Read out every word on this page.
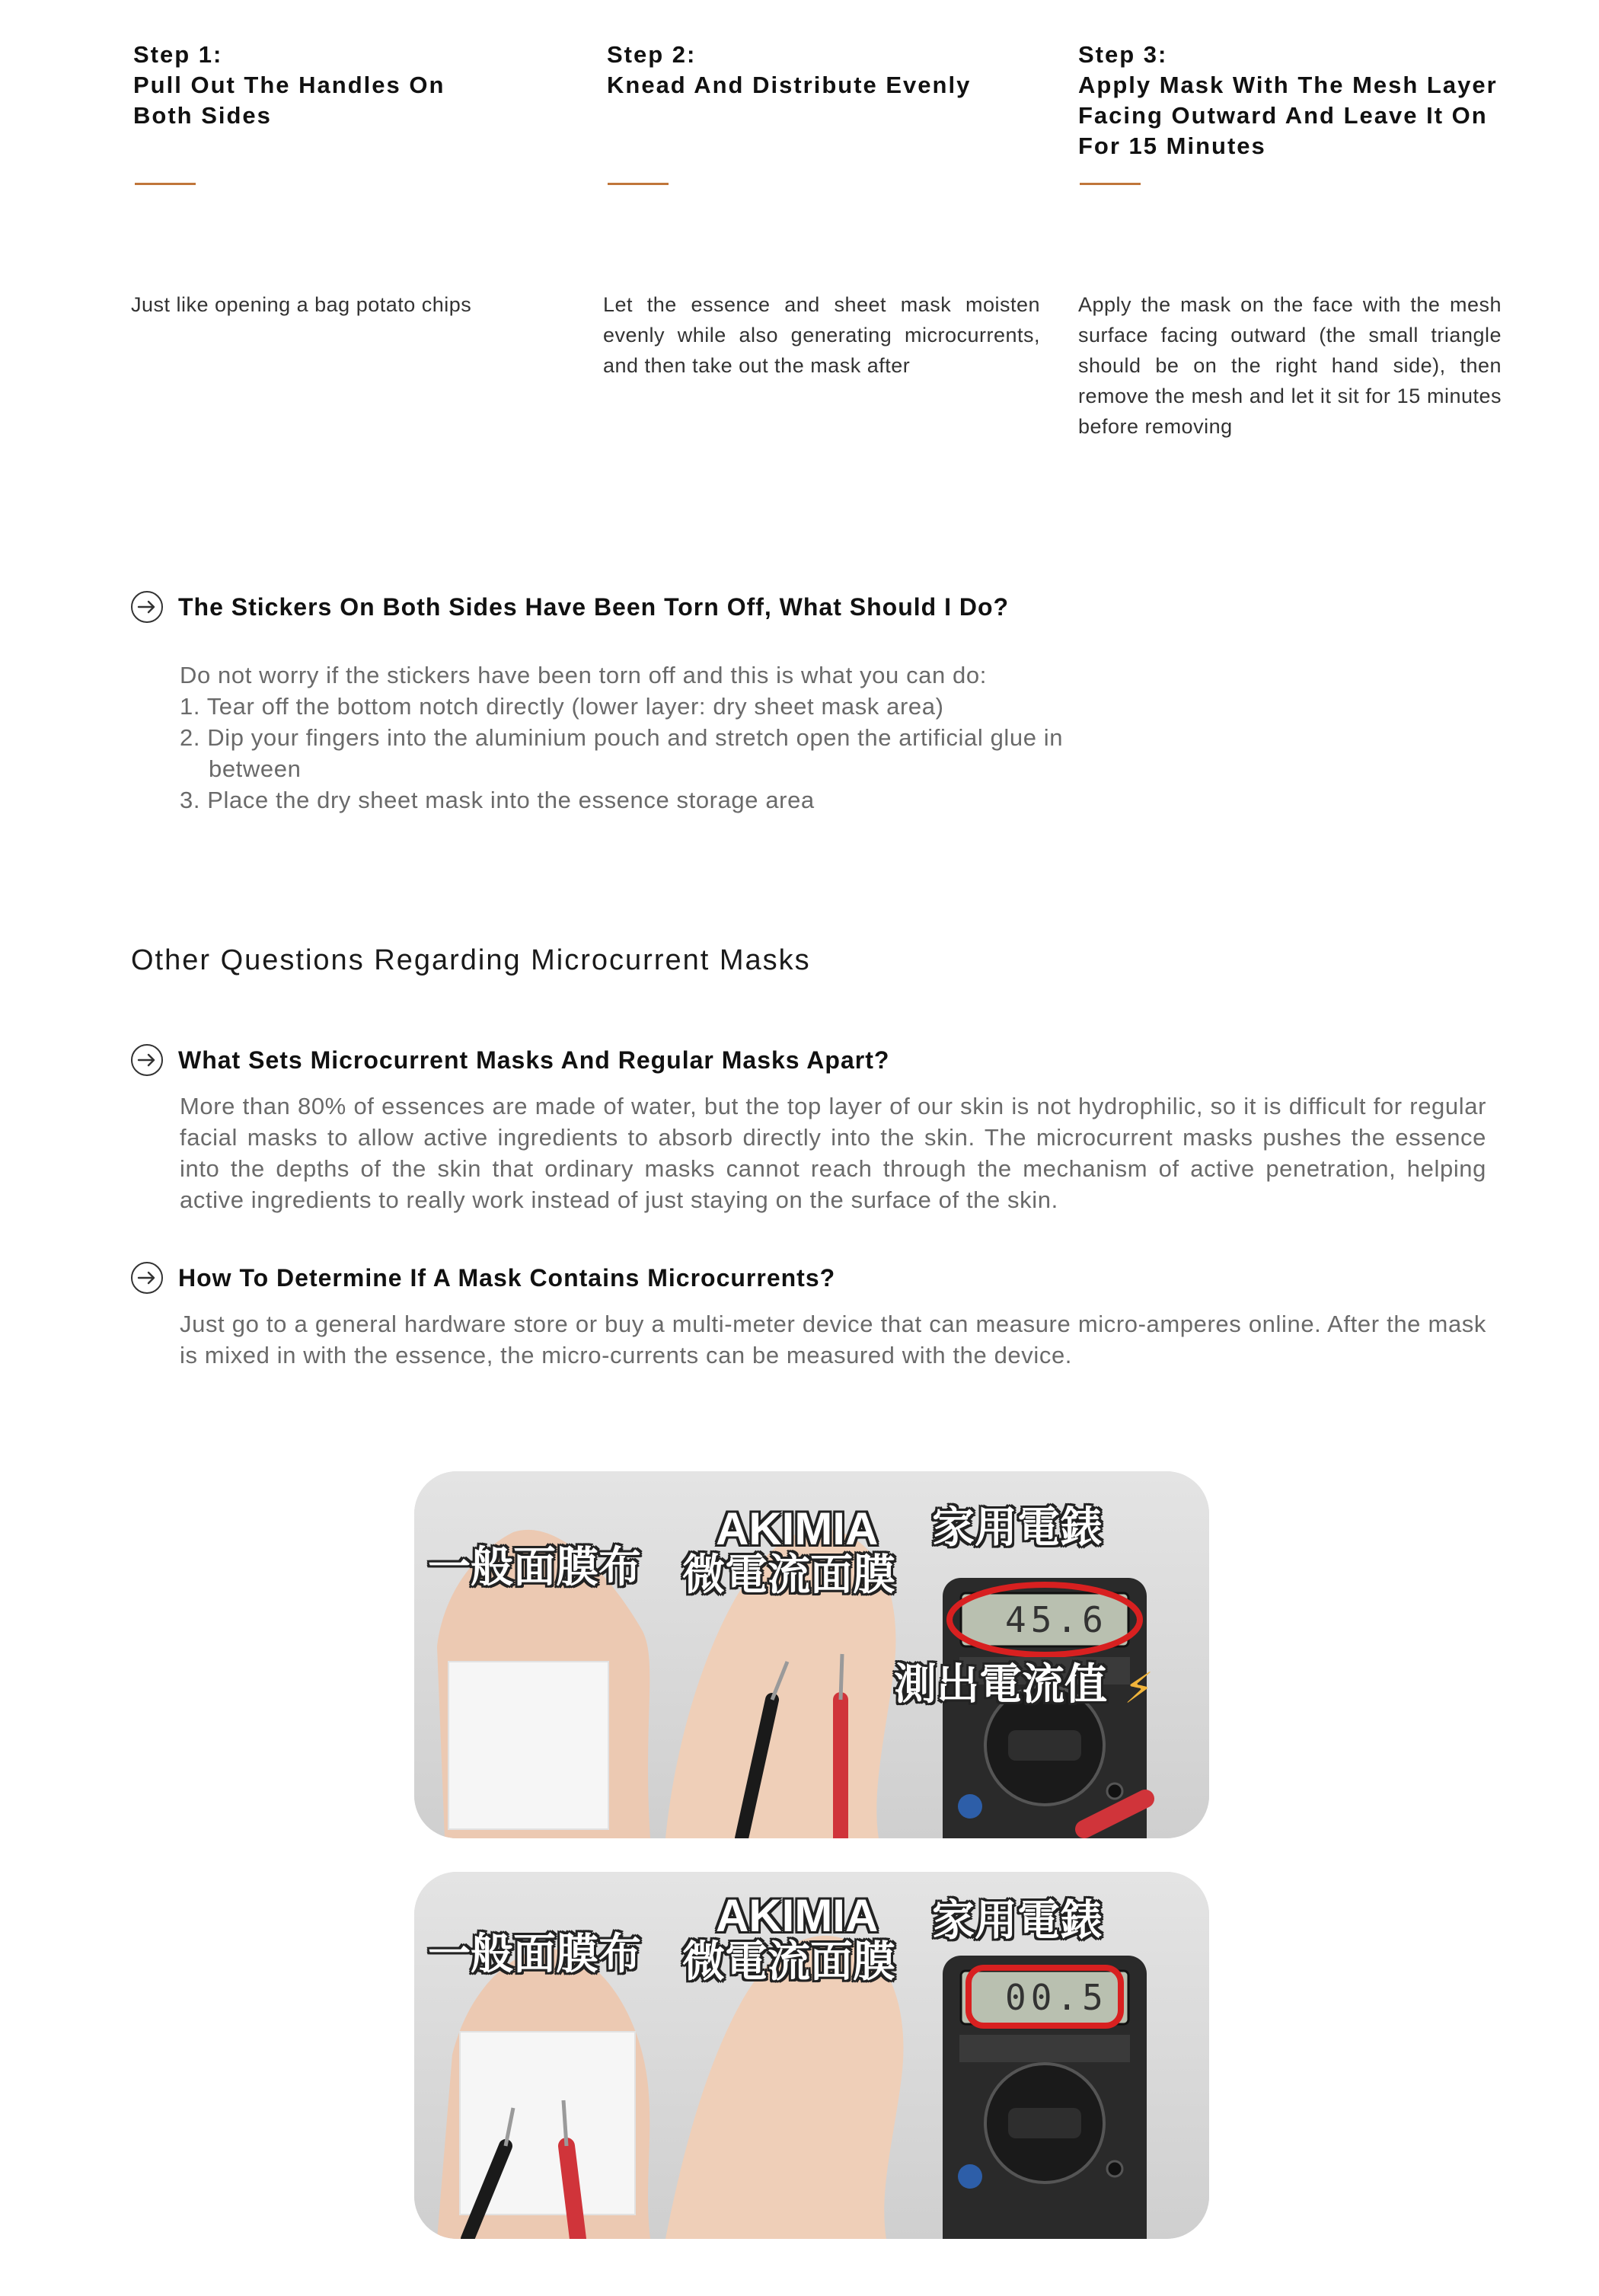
Step 1:
Pull Out The Handles On
Both Sides
Just like opening a bag potato chips
Step 2:
Knead And Distribute Evenly
Let the essence and sheet mask moisten evenly while also generating microcurrents, and then take out the mask after
Step 3:
Apply Mask With The Mesh Layer
Facing Outward And Leave It On
For 15 Minutes
Apply the mask on the face with the mesh surface facing outward (the small triangle should be on the right hand side), then remove the mesh and let it sit for 15 minutes before removing
The Stickers On Both Sides Have Been Torn Off, What Should I Do?

Do not worry if the stickers have been torn off and this is what you can do:

1. Tear off the bottom notch directly (lower layer: dry sheet mask area)

2. Dip your fingers into the aluminium pouch and stretch open the artificial glue in between

3. Place the dry sheet mask into the essence storage area

Other Questions Regarding Microcurrent Masks
What Sets Microcurrent Masks And Regular Masks Apart?
More than 80% of essences are made of water, but the top layer of our skin is not hydrophilic, so it is difficult for regular facial masks to allow active ingredients to absorb directly into the skin. The microcurrent masks pushes the essence into the depths of the skin that ordinary masks cannot reach through the mechanism of active penetration, helping active ingredients to really work instead of just staying on the surface of the skin.
How To Determine If A Mask Contains Microcurrents?
Just go to a general hardware store or buy a multi-meter device that can measure micro-amperes online. After the mask is mixed in with the essence, the micro-currents can be measured with the device.
一般面膜布
AKIMIA
微電流面膜
家用電錶
45.6
測出電流值 ⚡
一般面膜布
AKIMIA
微電流面膜
家用電錶
00.5
